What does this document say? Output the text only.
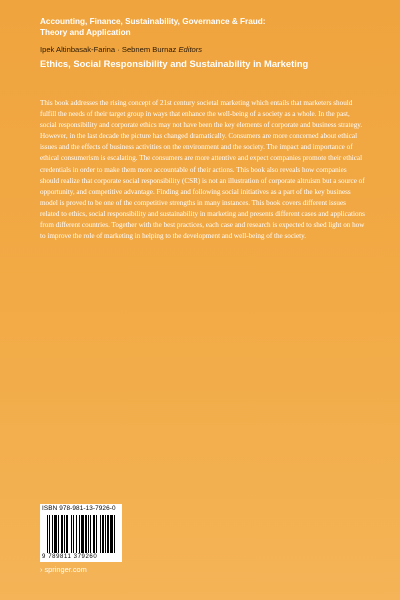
Accounting, Finance, Sustainability, Governance & Fraud:
Theory and Application
Ipek Altinbasak-Farina · Sebnem Burnaz Editors
Ethics, Social Responsibility and Sustainability in Marketing

This book addresses the rising concept of 21st century societal marketing which entails that marketers should fulfill the needs of their target group in ways that enhance the well-being of a society as a whole. In the past, social responsibility and corporate ethics may not have been the key elements of corporate and business strategy. However, in the last decade the picture has changed dramatically. Consumers are more concerned about ethical issues and the effects of business activities on the environment and the society. The impact and importance of ethical consumerism is escalating. The consumers are more attentive and expect companies promote their ethical credentials in order to make them more accountable of their actions. This book also reveals how companies should realize that corporate social responsibility (CSR) is not an illustration of corporate altruism but a source of opportunity, and competitive advantage. Finding and following social initiatives as a part of the key business model is proved to be one of the competitive strengths in many instances. This book covers different issues related to ethics, social responsibility and sustainability in marketing and presents different cases and applications from different countries. Together with the best practices, each case and research is expected to shed light on how to improve the role of marketing in helping to the development and well-being of the society.

ISBN 978-981-13-7926-0
9 789811 379260
› springer.com
